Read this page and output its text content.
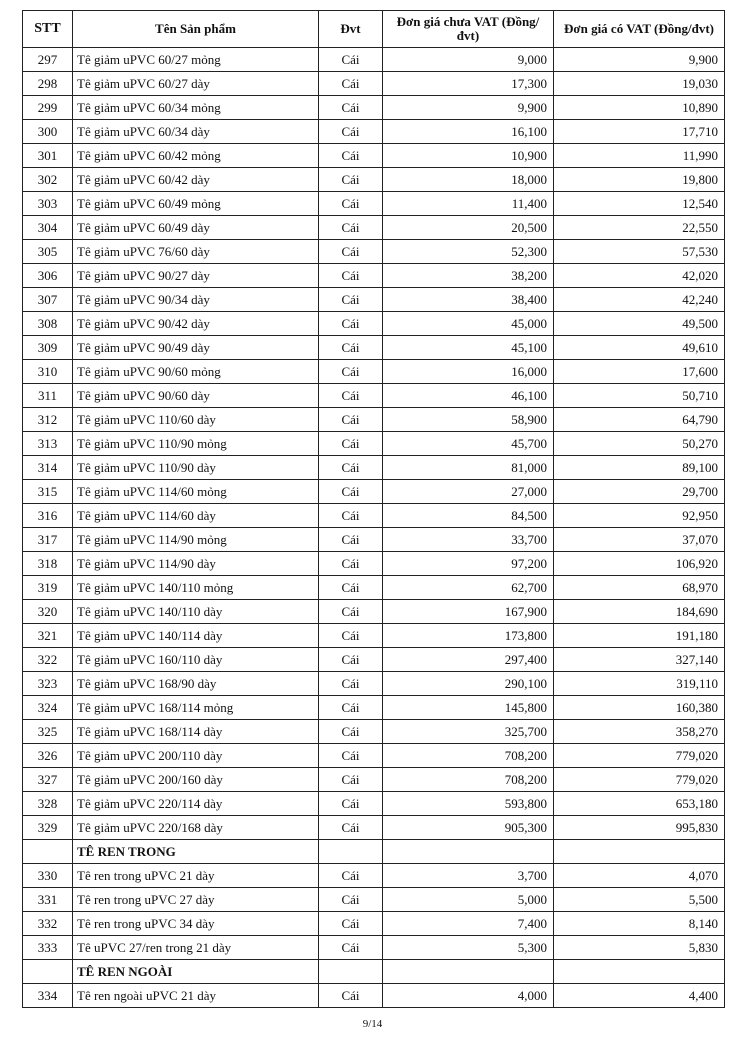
STT	Tên Sản phẩm	Đvt	Đơn giá chưa VAT (Đồng/đvt)	Đơn giá có VAT (Đồng/đvt)
297	Tê giảm uPVC 60/27 mỏng	Cái	9,000	9,900
298	Tê giảm uPVC 60/27 dày	Cái	17,300	19,030
299	Tê giảm uPVC 60/34 mỏng	Cái	9,900	10,890
300	Tê giảm uPVC 60/34 dày	Cái	16,100	17,710
301	Tê giảm uPVC 60/42 mỏng	Cái	10,900	11,990
302	Tê giảm uPVC 60/42 dày	Cái	18,000	19,800
303	Tê giảm uPVC 60/49 mỏng	Cái	11,400	12,540
304	Tê giảm uPVC 60/49 dày	Cái	20,500	22,550
305	Tê giảm uPVC 76/60 dày	Cái	52,300	57,530
306	Tê giảm uPVC 90/27 dày	Cái	38,200	42,020
307	Tê giảm uPVC 90/34 dày	Cái	38,400	42,240
308	Tê giảm uPVC 90/42 dày	Cái	45,000	49,500
309	Tê giảm uPVC 90/49 dày	Cái	45,100	49,610
310	Tê giảm uPVC 90/60 mỏng	Cái	16,000	17,600
311	Tê giảm uPVC 90/60 dày	Cái	46,100	50,710
312	Tê giảm uPVC 110/60 dày	Cái	58,900	64,790
313	Tê giảm uPVC 110/90 mỏng	Cái	45,700	50,270
314	Tê giảm uPVC 110/90 dày	Cái	81,000	89,100
315	Tê giảm uPVC 114/60 mỏng	Cái	27,000	29,700
316	Tê giảm uPVC 114/60 dày	Cái	84,500	92,950
317	Tê giảm uPVC 114/90 mỏng	Cái	33,700	37,070
318	Tê giảm uPVC 114/90 dày	Cái	97,200	106,920
319	Tê giảm uPVC 140/110 mỏng	Cái	62,700	68,970
320	Tê giảm uPVC 140/110 dày	Cái	167,900	184,690
321	Tê giảm uPVC 140/114 dày	Cái	173,800	191,180
322	Tê giảm uPVC 160/110 dày	Cái	297,400	327,140
323	Tê giảm uPVC 168/90 dày	Cái	290,100	319,110
324	Tê giảm uPVC 168/114 mỏng	Cái	145,800	160,380
325	Tê giảm uPVC 168/114 dày	Cái	325,700	358,270
326	Tê giảm uPVC 200/110 dày	Cái	708,200	779,020
327	Tê giảm uPVC 200/160 dày	Cái	708,200	779,020
328	Tê giảm uPVC 220/114 dày	Cái	593,800	653,180
329	Tê giảm uPVC 220/168 dày	Cái	905,300	995,830
	TÊ REN TRONG			
330	Tê ren trong uPVC 21 dày	Cái	3,700	4,070
331	Tê ren trong uPVC 27 dày	Cái	5,000	5,500
332	Tê ren trong uPVC 34 dày	Cái	7,400	8,140
333	Tê uPVC 27/ren trong 21 dày	Cái	5,300	5,830
	TÊ REN NGOÀI			
334	Tê ren ngoài uPVC 21 dày	Cái	4,000	4,400
9/14
